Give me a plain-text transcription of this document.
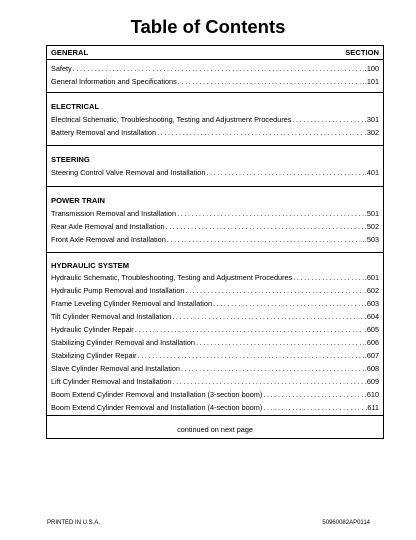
Table of Contents
GENERAL	SECTION
Safety .....	.100
General Information and Specifications .....	.101
ELECTRICAL
Electrical Schematic, Troubleshooting, Testing and Adjustment Procedures .....	.301
Battery Removal and Installation .....	.302
STEERING
Steering Control Valve Removal and Installation .....	.401
POWER TRAIN
Transmission Removal and Installation .....	.501
Rear Axle Removal and Installation .....	.502
Front Axle Removal and Installation .....	.503
HYDRAULIC SYSTEM
Hydraulic Schematic, Troubleshooting, Testing and Adjustment Procedures .....	.601
Hydraulic Pump Removal and Installation .....	.602
Frame Leveling Cylinder Removal and Installation .....	.603
Tilt Cylinder Removal and Installation .....	.604
Hydraulic Cylinder Repair .....	.605
Stabilizing Cylinder Removal and Installation .....	.606
Stabilizing Cylinder Repair .....	.607
Slave Cylinder Removal and Installation .....	.608
Lift Cylinder Removal and Installation .....	.609
Boom Extend Cylinder Removal and Installation (3-section boom) .....	.610
Boom Extend Cylinder Removal and Installation (4-section boom) .....	.611
continued on next page
PRINTED IN U.S.A.	50960082AP0114
